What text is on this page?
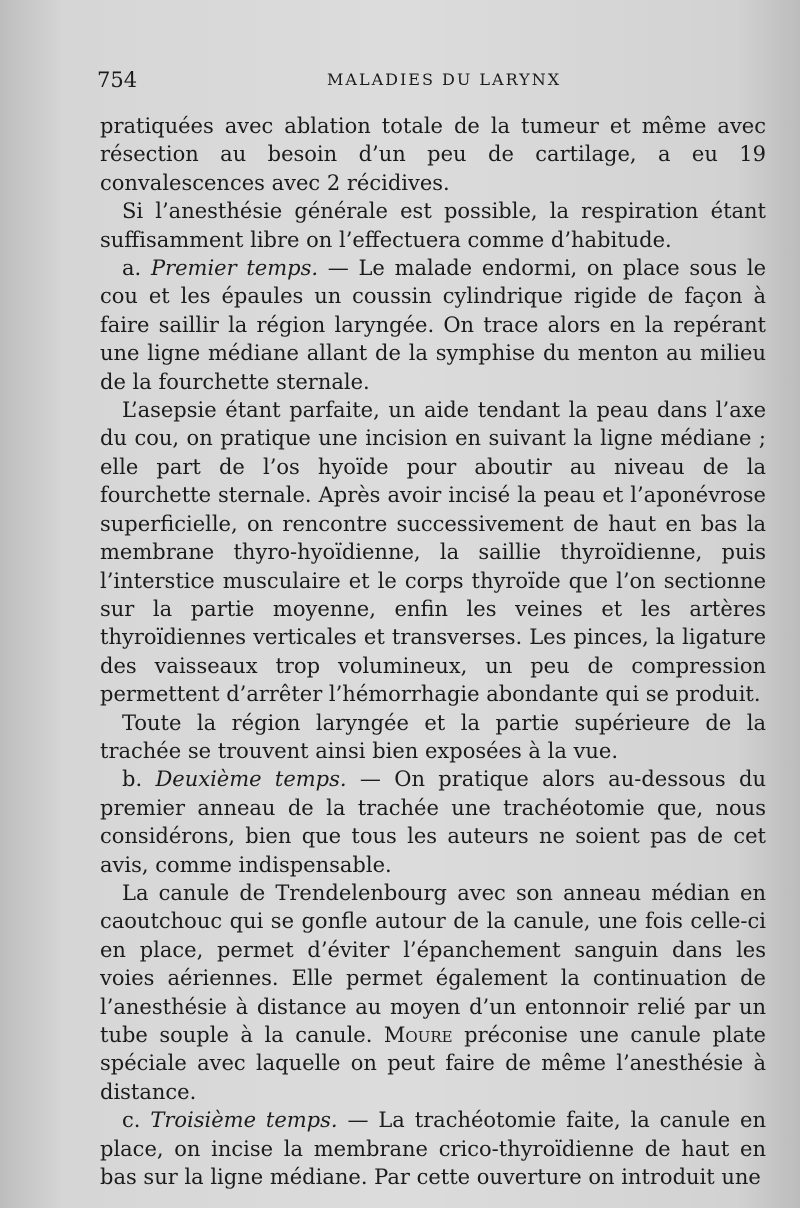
754	MALADIES DU LARYNX

pratiquées avec ablation totale de la tumeur et même avec résection au besoin d’un peu de cartilage, a eu 19 convalescences avec 2 récidives.

Si l’anesthésie générale est possible, la respiration étant suffisamment libre on l’effectuera comme d’habitude.

a. Premier temps. — Le malade endormi, on place sous le cou et les épaules un coussin cylindrique rigide de façon à faire saillir la région laryngée. On trace alors en la repérant une ligne médiane allant de la symphise du menton au milieu de la fourchette sternale.

L’asepsie étant parfaite, un aide tendant la peau dans l’axe du cou, on pratique une incision en suivant la ligne médiane ; elle part de l’os hyoïde pour aboutir au niveau de la fourchette sternale. Après avoir incisé la peau et l’aponévrose superficielle, on rencontre successivement de haut en bas la membrane thyro-hyoïdienne, la saillie thyroïdienne, puis l’interstice musculaire et le corps thyroïde que l’on sectionne sur la partie moyenne, enfin les veines et les artères thyroïdiennes verticales et transverses. Les pinces, la ligature des vaisseaux trop volumineux, un peu de compression permettent d’arrêter l’hémorrhagie abondante qui se produit.

Toute la région laryngée et la partie supérieure de la trachée se trouvent ainsi bien exposées à la vue.

b. Deuxième temps. — On pratique alors au-dessous du premier anneau de la trachée une trachéotomie que, nous considérons, bien que tous les auteurs ne soient pas de cet avis, comme indispensable.

La canule de Trendelenbourg avec son anneau médian en caoutchouc qui se gonfle autour de la canule, une fois celle-ci en place, permet d’éviter l’épanchement sanguin dans les voies aériennes. Elle permet également la continuation de l’anesthésie à distance au moyen d’un entonnoir relié par un tube souple à la canule. Moure préconise une canule plate spéciale avec laquelle on peut faire de même l’anesthésie à distance.

c. Troisième temps. — La trachéotomie faite, la canule en place, on incise la membrane crico-thyroïdienne de haut en bas sur la ligne médiane. Par cette ouverture on introduit une
